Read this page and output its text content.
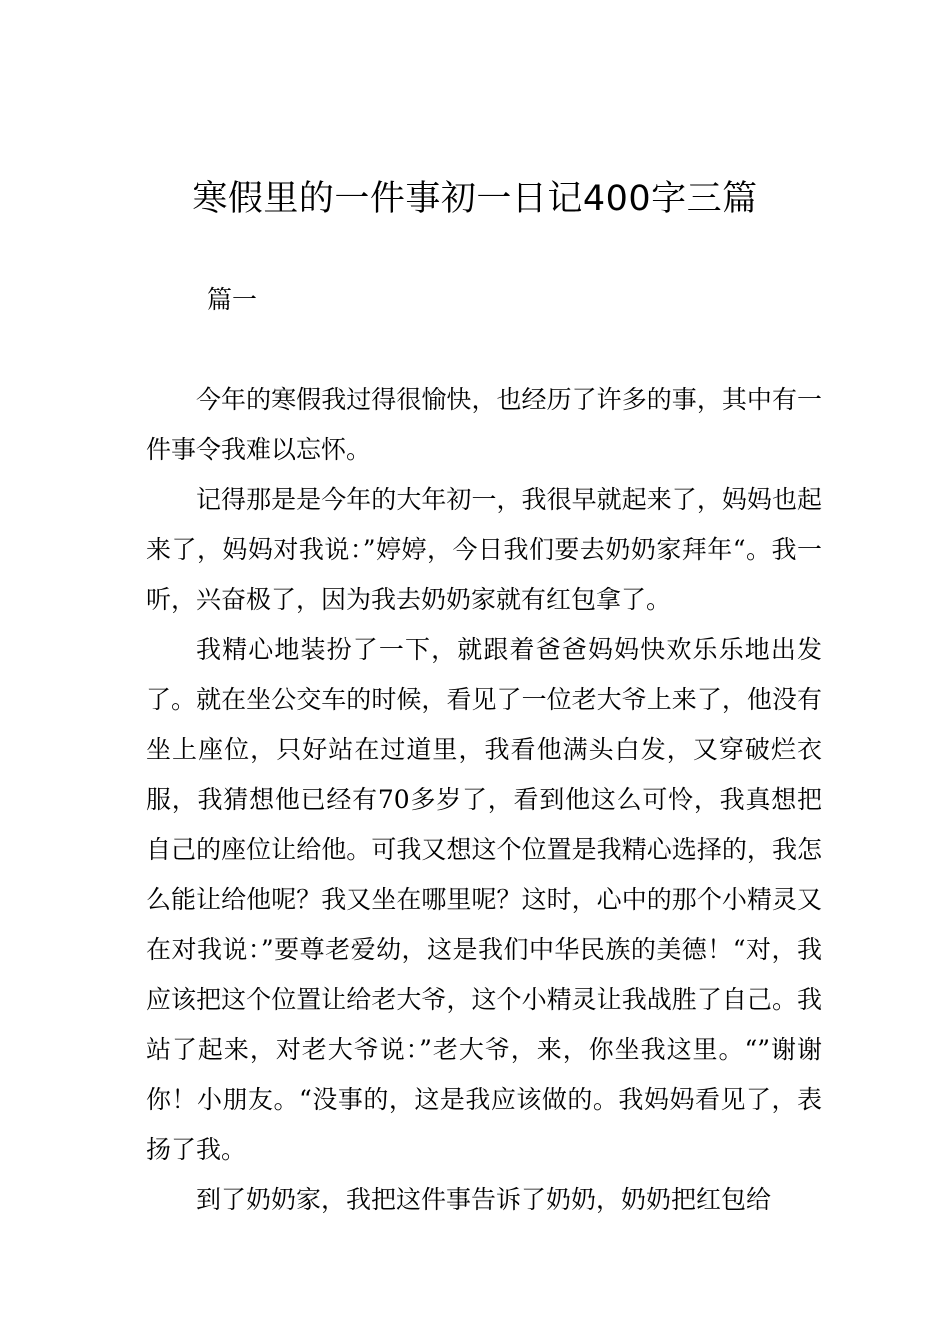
寒假里的一件事初一日记400字三篇
篇一

今年的寒假我过得很愉快，也经历了许多的事，其中有一件事令我难以忘怀。

记得那是是今年的大年初一，我很早就起来了，妈妈也起来了，妈妈对我说：”婷婷，今日我们要去奶奶家拜年“。我一听，兴奋极了，因为我去奶奶家就有红包拿了。

我精心地装扮了一下，就跟着爸爸妈妈快欢乐乐地出发了。就在坐公交车的时候，看见了一位老大爷上来了，他没有坐上座位，只好站在过道里，我看他满头白发，又穿破烂衣服，我猜想他已经有70多岁了，看到他这么可怜，我真想把自己的座位让给他。可我又想这个位置是我精心选择的，我怎么能让给他呢？我又坐在哪里呢？这时，心中的那个小精灵又在对我说：”要尊老爱幼，这是我们中华民族的美德！“对，我应该把这个位置让给老大爷，这个小精灵让我战胜了自己。我站了起来，对老大爷说：”老大爷，来，你坐我这里。“”谢谢你！小朋友。“没事的，这是我应该做的。我妈妈看见了，表扬了我。

到了奶奶家，我把这件事告诉了奶奶，奶奶把红包给
